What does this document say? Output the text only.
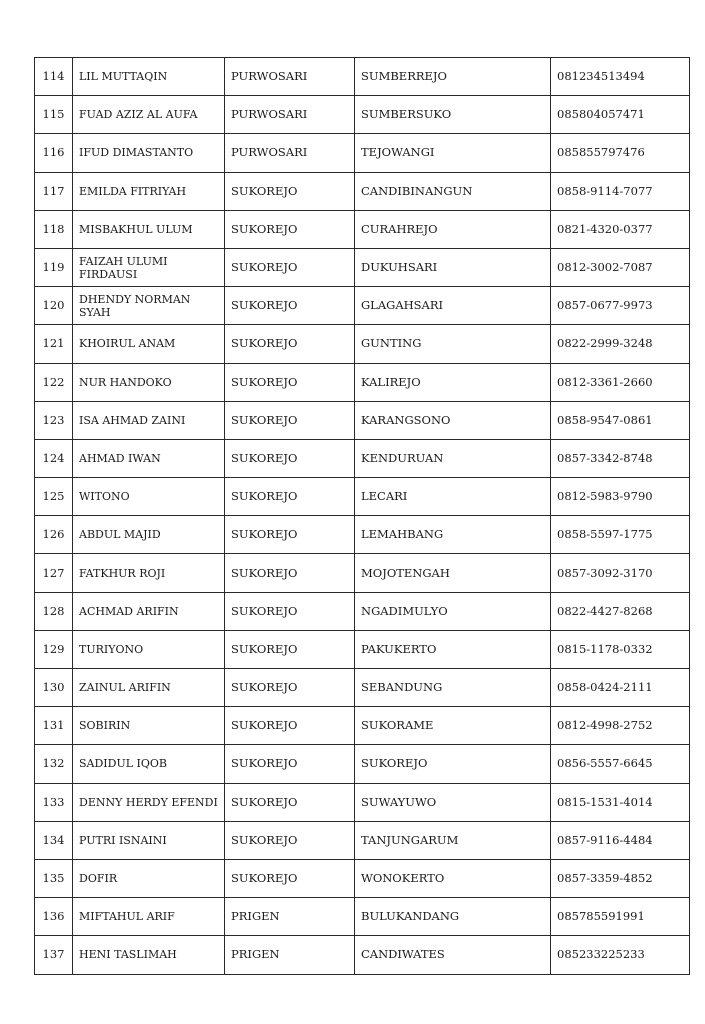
114	LIL MUTTAQIN	PURWOSARI	SUMBERREJO	081234513494
115	FUAD AZIZ AL AUFA	PURWOSARI	SUMBERSUKO	085804057471
116	IFUD DIMASTANTO	PURWOSARI	TEJOWANGI	085855797476
117	EMILDA FITRIYAH	SUKOREJO	CANDIBINANGUN	0858-9114-7077
118	MISBAKHUL ULUM	SUKOREJO	CURAHREJO	0821-4320-0377
119	FAIZAH ULUMI FIRDAUSI	SUKOREJO	DUKUHSARI	0812-3002-7087
120	DHENDY NORMAN SYAH	SUKOREJO	GLAGAHSARI	0857-0677-9973
121	KHOIRUL ANAM	SUKOREJO	GUNTING	0822-2999-3248
122	NUR HANDOKO	SUKOREJO	KALIREJO	0812-3361-2660
123	ISA AHMAD ZAINI	SUKOREJO	KARANGSONO	0858-9547-0861
124	AHMAD IWAN	SUKOREJO	KENDURUAN	0857-3342-8748
125	WITONO	SUKOREJO	LECARI	0812-5983-9790
126	ABDUL MAJID	SUKOREJO	LEMAHBANG	0858-5597-1775
127	FATKHUR ROJI	SUKOREJO	MOJOTENGAH	0857-3092-3170
128	ACHMAD ARIFIN	SUKOREJO	NGADIMULYO	0822-4427-8268
129	TURIYONO	SUKOREJO	PAKUKERTO	0815-1178-0332
130	ZAINUL ARIFIN	SUKOREJO	SEBANDUNG	0858-0424-2111
131	SOBIRIN	SUKOREJO	SUKORAME	0812-4998-2752
132	SADIDUL IQOB	SUKOREJO	SUKOREJO	0856-5557-6645
133	DENNY HERDY EFENDI	SUKOREJO	SUWAYUWO	0815-1531-4014
134	PUTRI ISNAINI	SUKOREJO	TANJUNGARUM	0857-9116-4484
135	DOFIR	SUKOREJO	WONOKERTO	0857-3359-4852
136	MIFTAHUL ARIF	PRIGEN	BULUKANDANG	085785591991
137	HENI TASLIMAH	PRIGEN	CANDIWATES	085233225233
